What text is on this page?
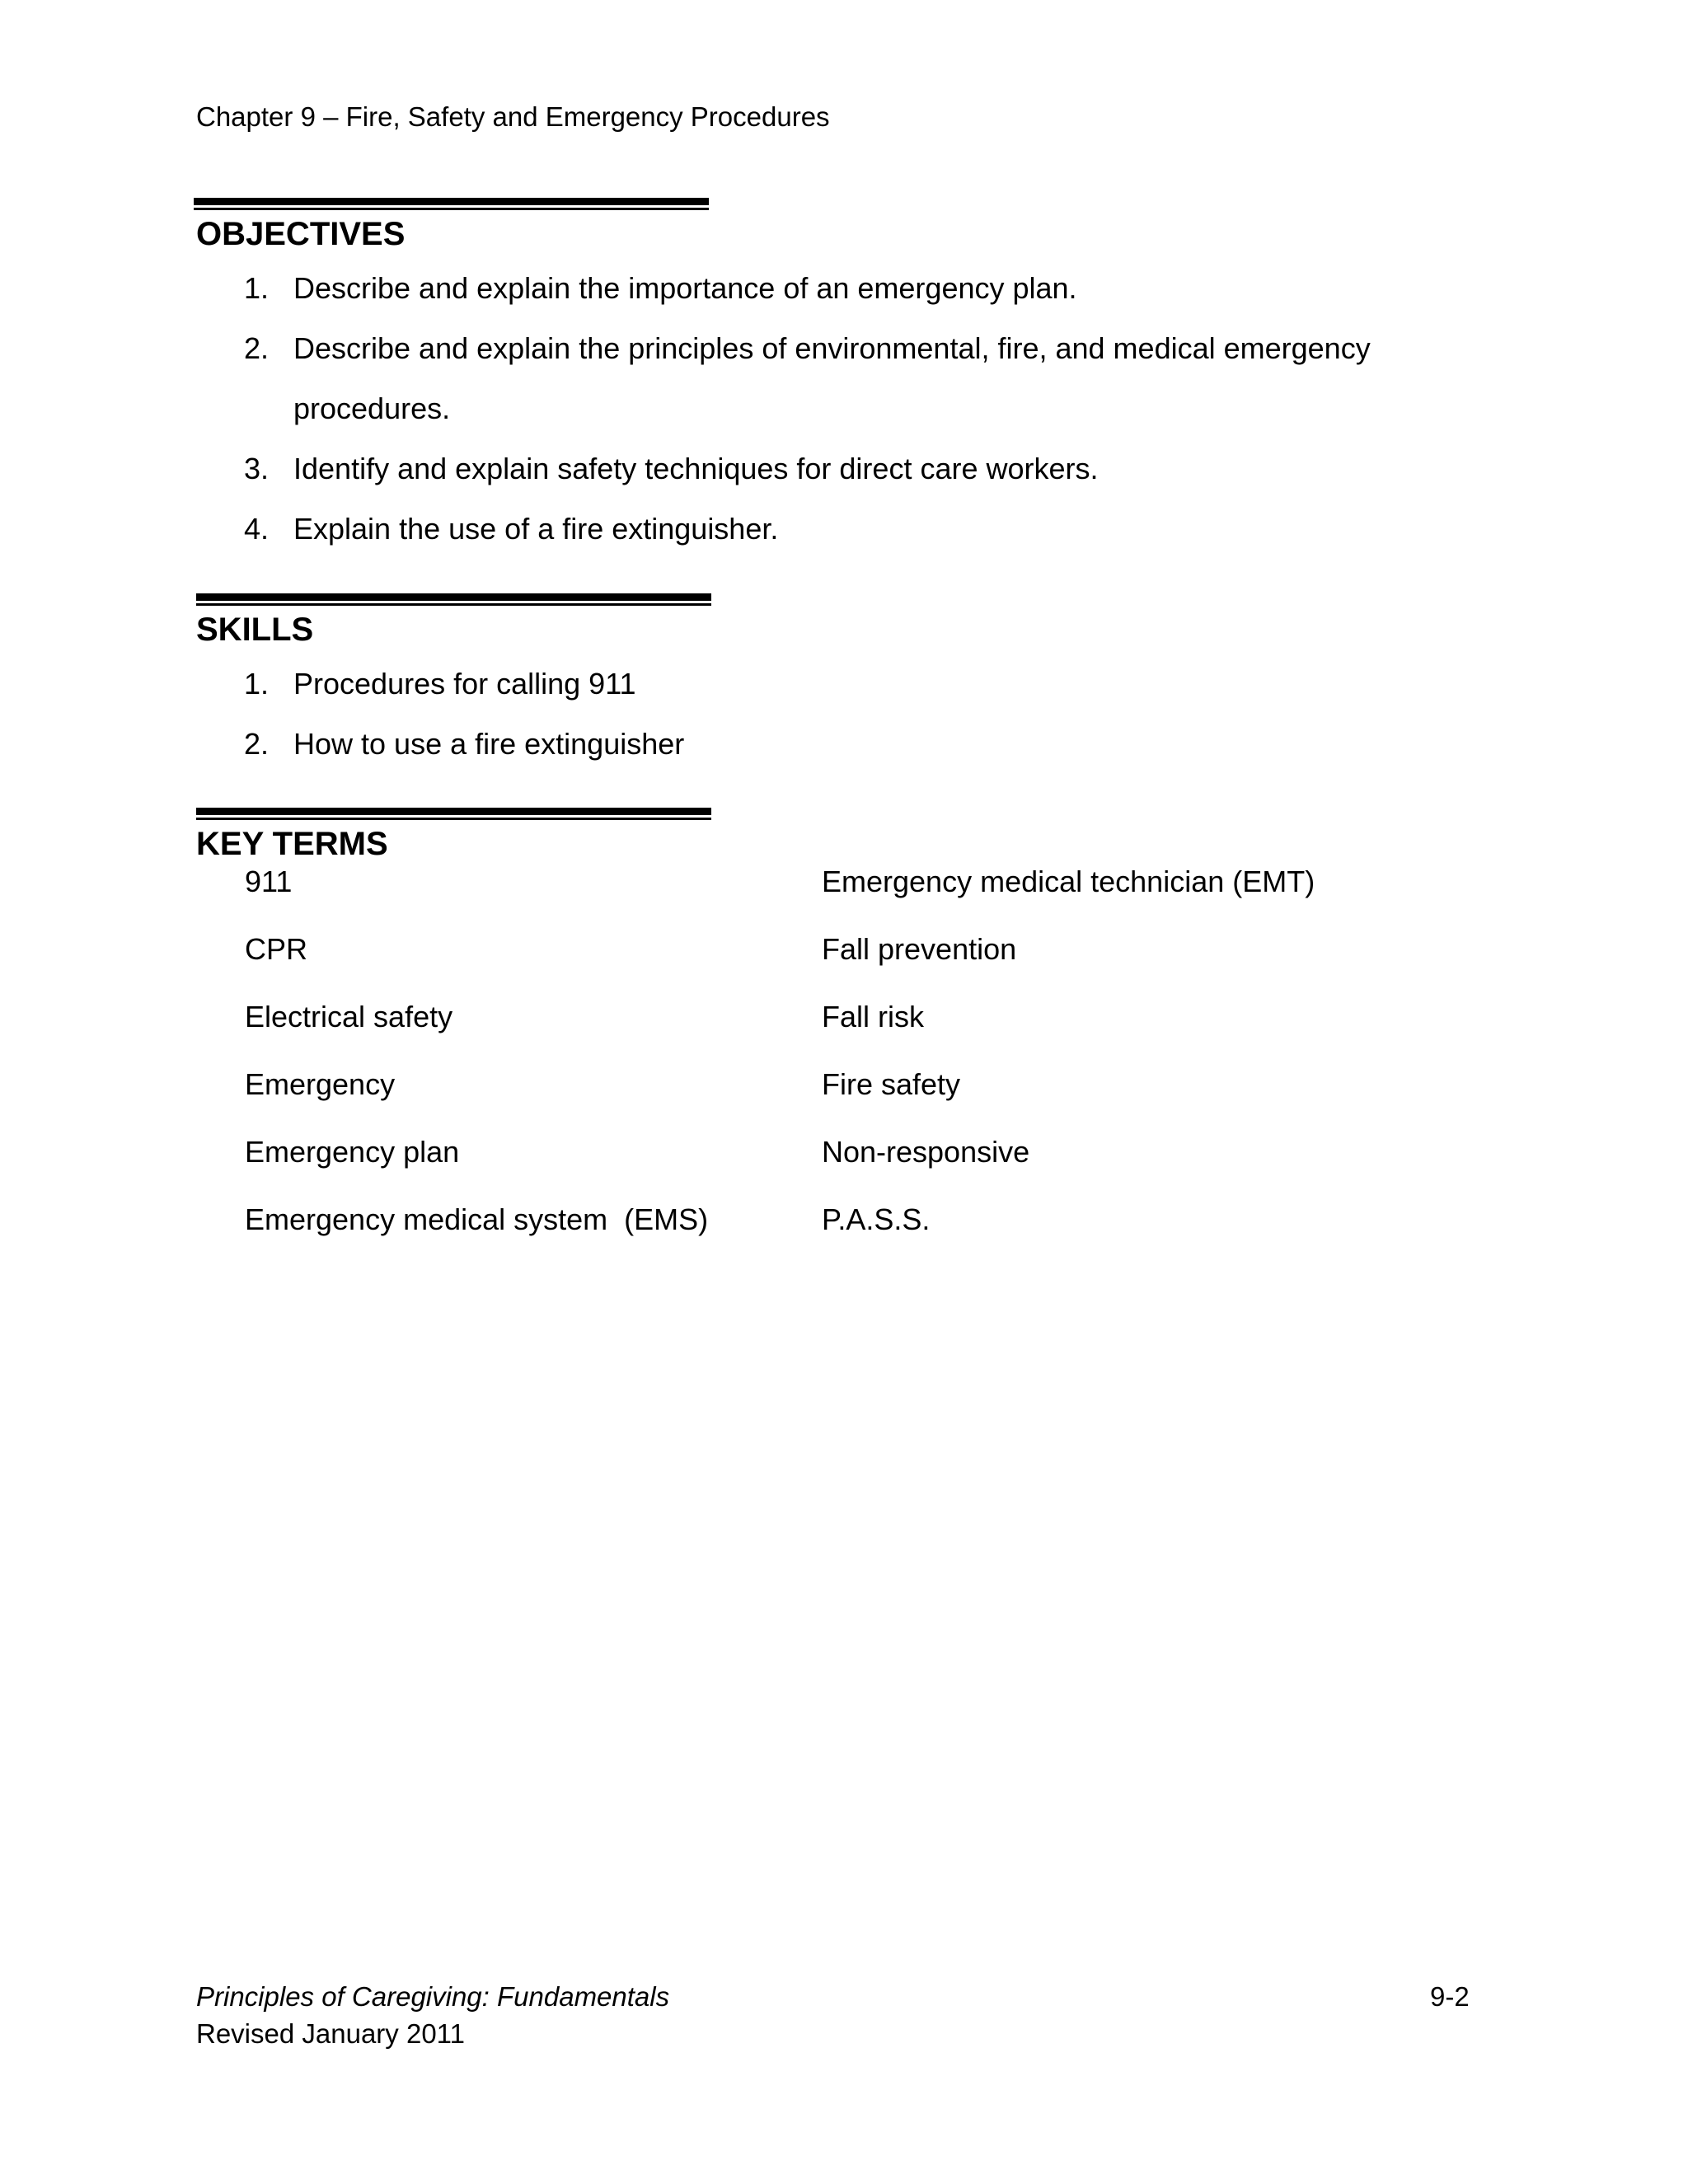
Chapter 9 – Fire, Safety and Emergency Procedures
OBJECTIVES
1. Describe and explain the importance of an emergency plan.
2. Describe and explain the principles of environmental, fire, and medical emergency
procedures.
3. Identify and explain safety techniques for direct care workers.
4. Explain the use of a fire extinguisher.
SKILLS
1. Procedures for calling 911
2. How to use a fire extinguisher
KEY TERMS
911	Emergency medical technician (EMT)
CPR	Fall prevention
Electrical safety	Fall risk
Emergency	Fire safety
Emergency plan	Non-responsive
Emergency medical system  (EMS)	P.A.S.S.
Principles of Caregiving: Fundamentals
Revised January 2011
9-2
